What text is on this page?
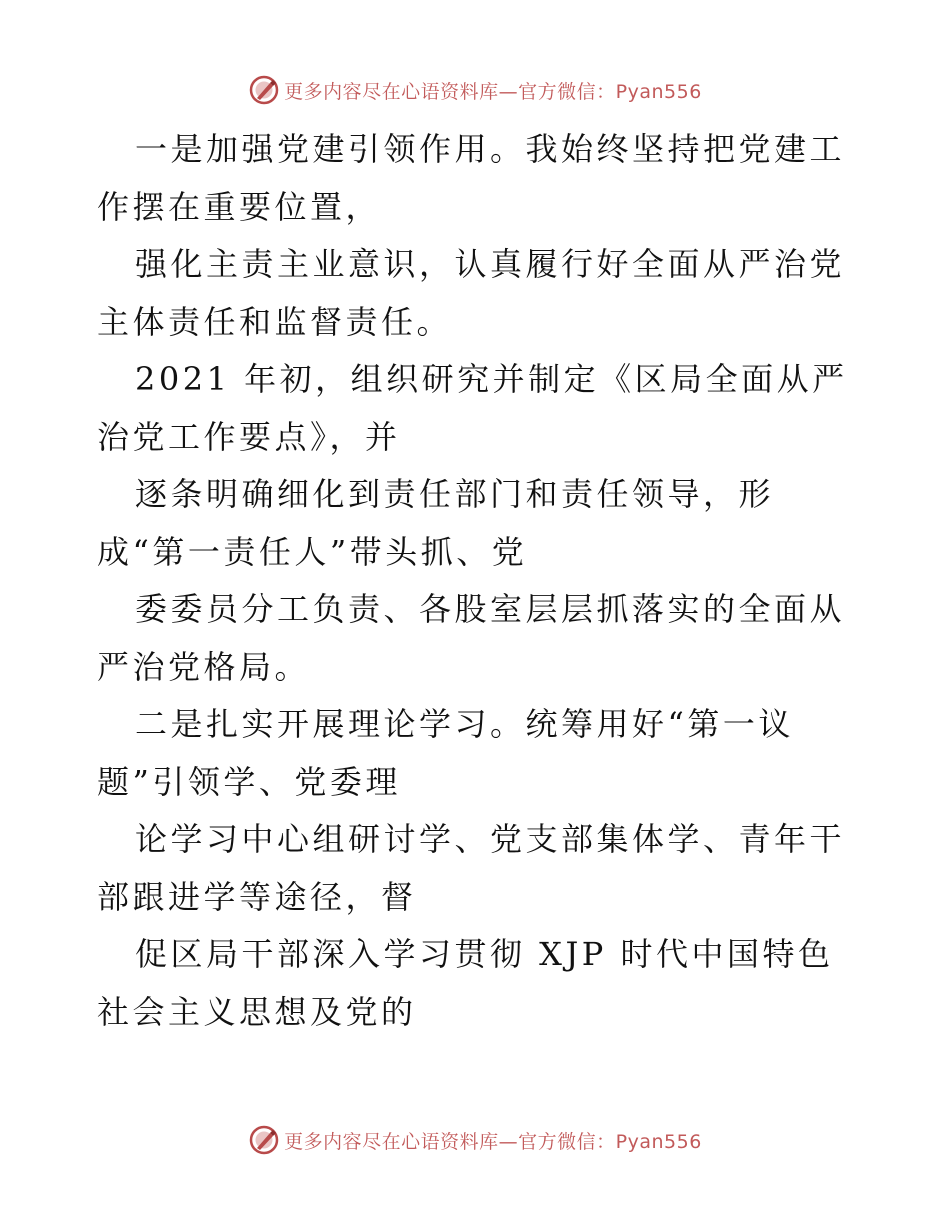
更多内容尽在心语资料库—官方微信：Pyan556

一是加强党建引领作用。我始终坚持把党建工作摆在重要位置，

强化主责主业意识，认真履行好全面从严治党主体责任和监督责任。

2021 年初，组织研究并制定《区局全面从严治党工作要点》，并

逐条明确细化到责任部门和责任领导，形成“第一责任人”带头抓、党

委委员分工负责、各股室层层抓落实的全面从严治党格局。

二是扎实开展理论学习。统筹用好“第一议题”引领学、党委理

论学习中心组研讨学、党支部集体学、青年干部跟进学等途径，督

促区局干部深入学习贯彻 XJP 时代中国特色社会主义思想及党的

更多内容尽在心语资料库—官方微信：Pyan556
